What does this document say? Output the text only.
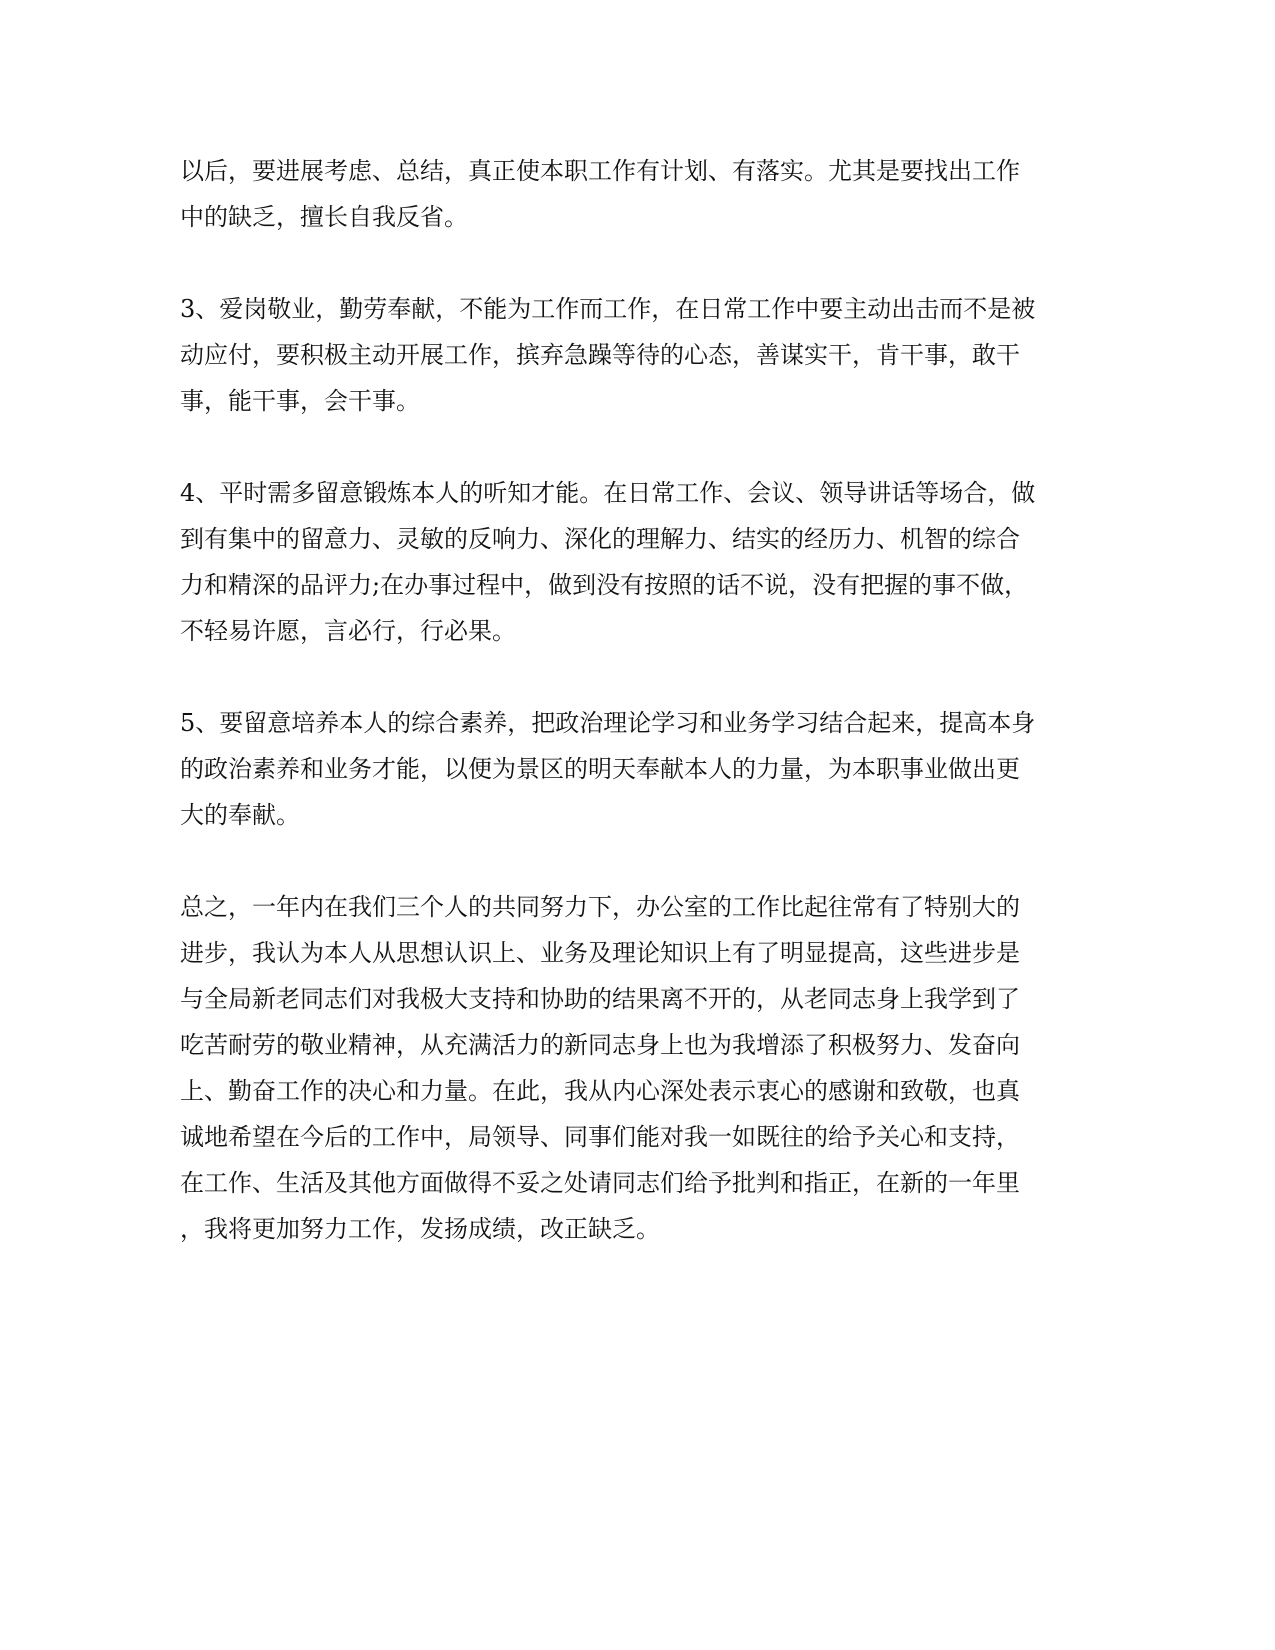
以后，要进展考虑、总结，真正使本职工作有计划、有落实。尤其是要找出工作
中的缺乏，擅长自我反省。
3、爱岗敬业，勤劳奉献，不能为工作而工作，在日常工作中要主动出击而不是被
动应付，要积极主动开展工作，摈弃急躁等待的心态，善谋实干，肯干事，敢干
事，能干事，会干事。
4、平时需多留意锻炼本人的听知才能。在日常工作、会议、领导讲话等场合，做
到有集中的留意力、灵敏的反响力、深化的理解力、结实的经历力、机智的综合
力和精深的品评力;在办事过程中，做到没有按照的话不说，没有把握的事不做，
不轻易许愿，言必行，行必果。
5、要留意培养本人的综合素养，把政治理论学习和业务学习结合起来，提高本身
的政治素养和业务才能，以便为景区的明天奉献本人的力量，为本职事业做出更
大的奉献。
总之，一年内在我们三个人的共同努力下，办公室的工作比起往常有了特别大的
进步，我认为本人从思想认识上、业务及理论知识上有了明显提高，这些进步是
与全局新老同志们对我极大支持和协助的结果离不开的，从老同志身上我学到了
吃苦耐劳的敬业精神，从充满活力的新同志身上也为我增添了积极努力、发奋向
上、勤奋工作的决心和力量。在此，我从内心深处表示衷心的感谢和致敬，也真
诚地希望在今后的工作中，局领导、同事们能对我一如既往的给予关心和支持，
在工作、生活及其他方面做得不妥之处请同志们给予批判和指正，在新的一年里
，我将更加努力工作，发扬成绩，改正缺乏。
